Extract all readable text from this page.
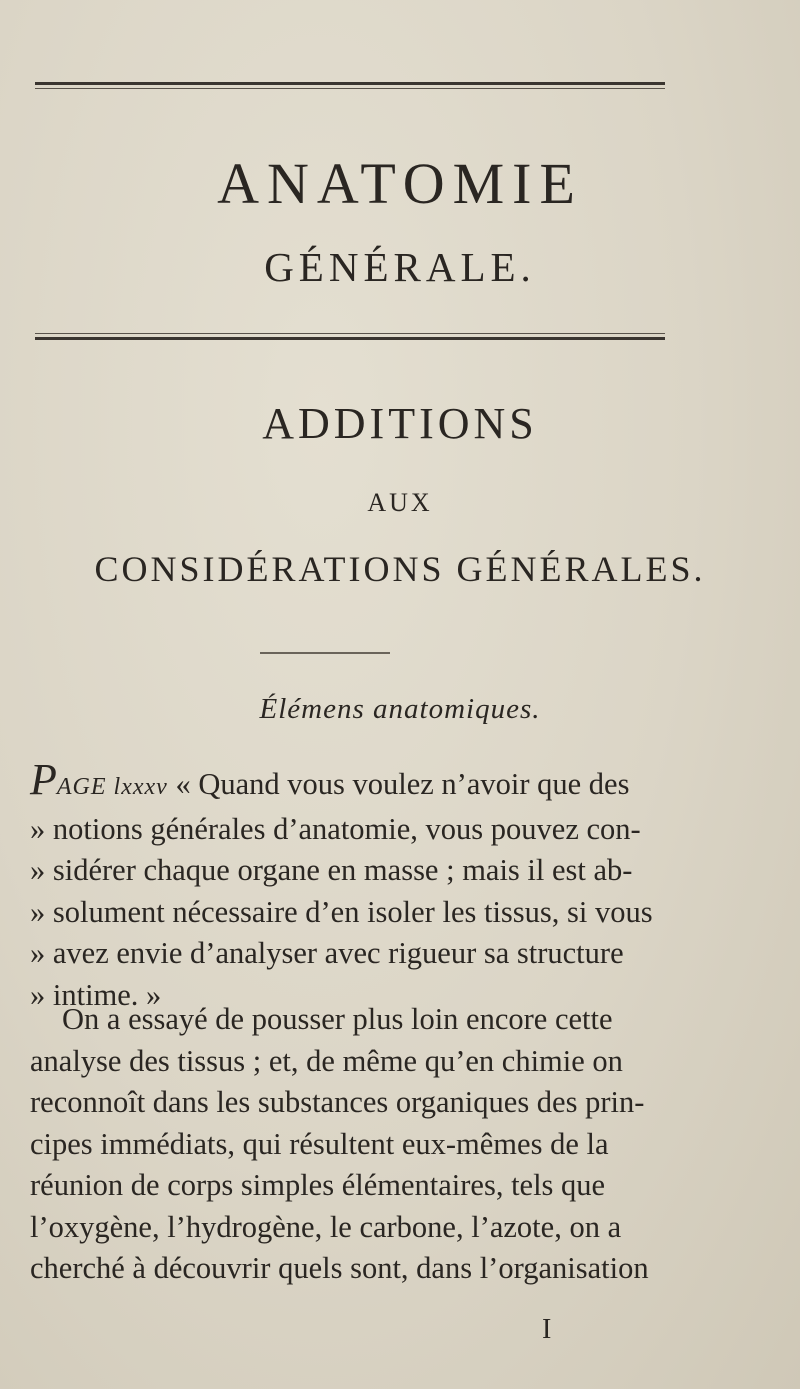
ANATOMIE
GÉNÉRALE.
ADDITIONS
AUX
CONSIDÉRATIONS GÉNÉRALES.
Élémens anatomiques.

PAGE lxxxv « Quand vous voulez n’avoir que des

» notions générales d’anatomie, vous pouvez con-

» sidérer chaque organe en masse ; mais il est ab-

» solument nécessaire d’en isoler les tissus, si vous

» avez envie d’analyser avec rigueur sa structure

» intime. »

On a essayé de pousser plus loin encore cette

analyse des tissus ; et, de même qu’en chimie on

reconnoît dans les substances organiques des prin-

cipes immédiats, qui résultent eux-mêmes de la

réunion de corps simples élémentaires, tels que

l’oxygène, l’hydrogène, le carbone, l’azote, on a

cherché à découvrir quels sont, dans l’organisation

I
